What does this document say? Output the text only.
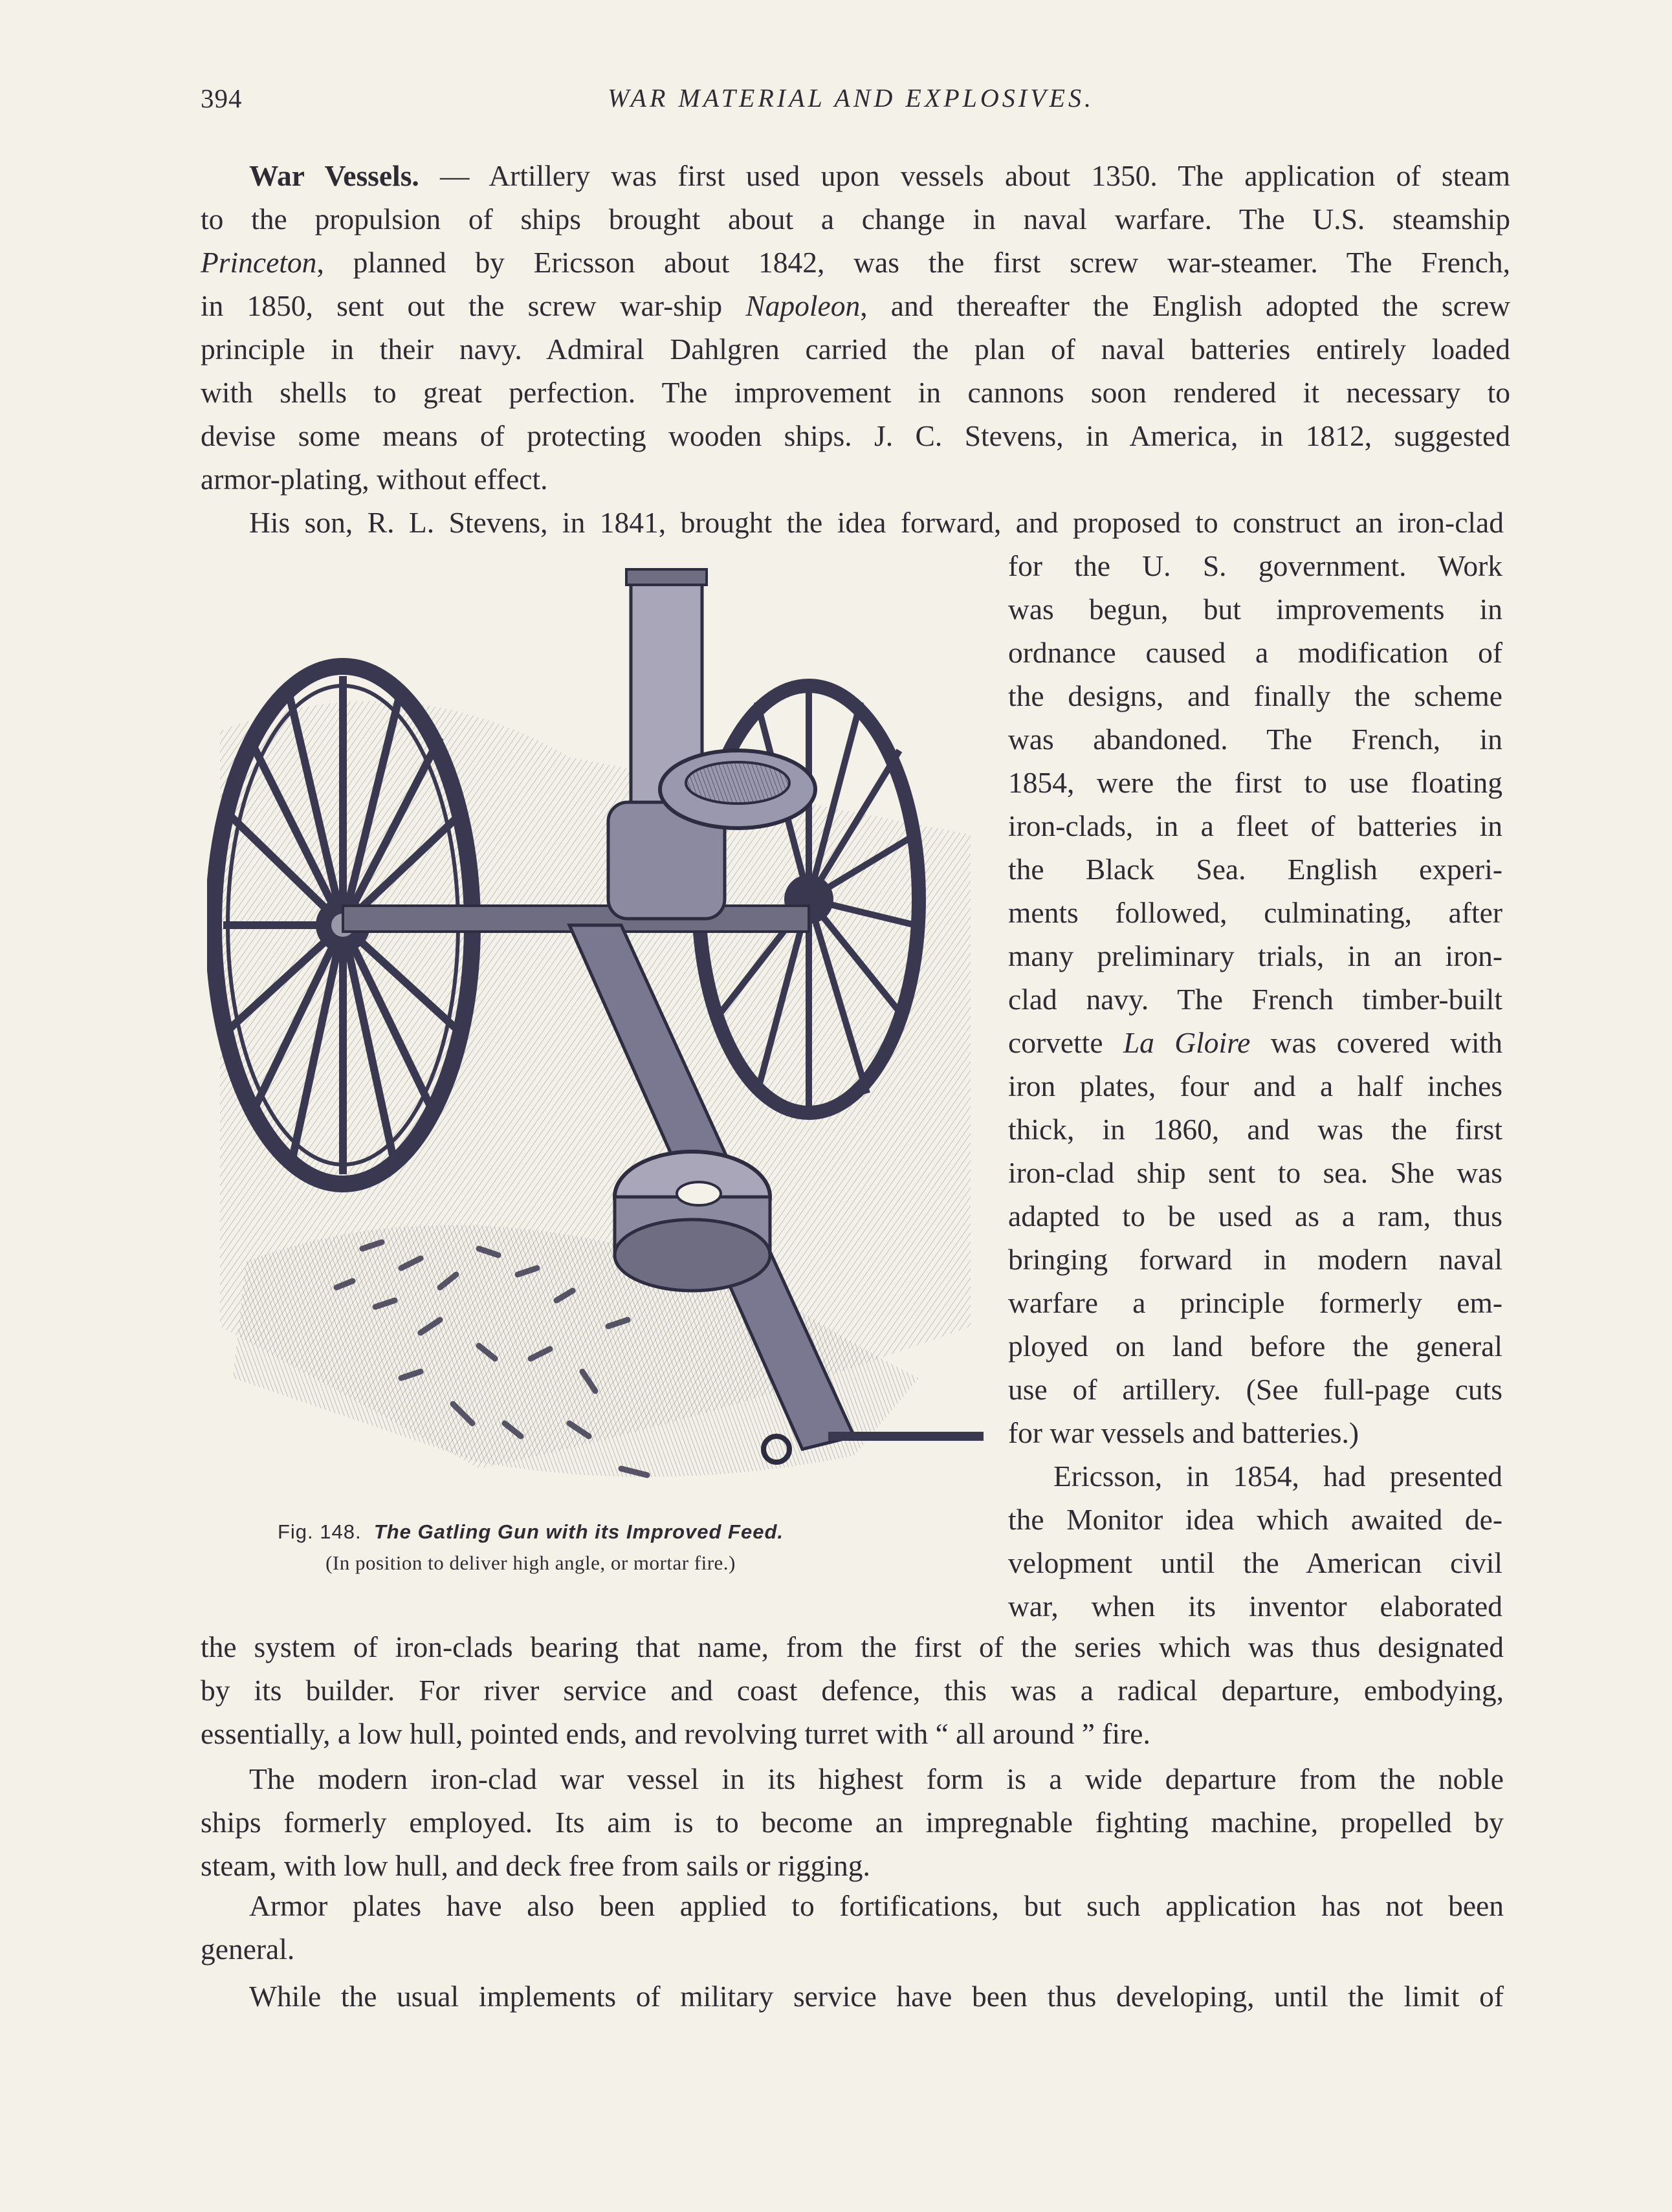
394	WAR MATERIAL AND EXPLOSIVES.
War Vessels. — Artillery was first used upon vessels about 1350. The application of steam
to the propulsion of ships brought about a change in naval warfare. The U.S. steamship
Princeton, planned by Ericsson about 1842, was the first screw war-steamer. The French,
in 1850, sent out the screw war-ship Napoleon, and thereafter the English adopted the screw
principle in their navy. Admiral Dahlgren carried the plan of naval batteries entirely loaded
with shells to great perfection. The improvement in cannons soon rendered it necessary to
devise some means of protecting wooden ships. J. C. Stevens, in America, in 1812, suggested
armor-plating, without effect.
His son, R. L. Stevens, in 1841, brought the idea forward, and proposed to construct an iron-clad
for the U. S. government. Work
was begun, but improvements in
ordnance caused a modification of
the designs, and finally the scheme
was abandoned. The French, in
1854, were the first to use floating
iron-clads, in a fleet of batteries in
the Black Sea. English experi-
ments followed, culminating, after
many preliminary trials, in an iron-
clad navy. The French timber-built
corvette La Gloire was covered with
iron plates, four and a half inches
thick, in 1860, and was the first
iron-clad ship sent to sea. She was
adapted to be used as a ram, thus
bringing forward in modern naval
warfare a principle formerly em-
ployed on land before the general
use of artillery. (See full-page cuts
for war vessels and batteries.)
Ericsson, in 1854, had presented
the Monitor idea which awaited de-
velopment until the American civil
war, when its inventor elaborated
Fig. 148. The Gatling Gun with its Improved Feed.
(In position to deliver high angle, or mortar fire.)
the system of iron-clads bearing that name, from the first of the series which was thus designated
by its builder. For river service and coast defence, this was a radical departure, embodying,
essentially, a low hull, pointed ends, and revolving turret with “ all around ” fire.
The modern iron-clad war vessel in its highest form is a wide departure from the noble
ships formerly employed. Its aim is to become an impregnable fighting machine, propelled by
steam, with low hull, and deck free from sails or rigging.
Armor plates have also been applied to fortifications, but such application has not been
general.
While the usual implements of military service have been thus developing, until the limit of
